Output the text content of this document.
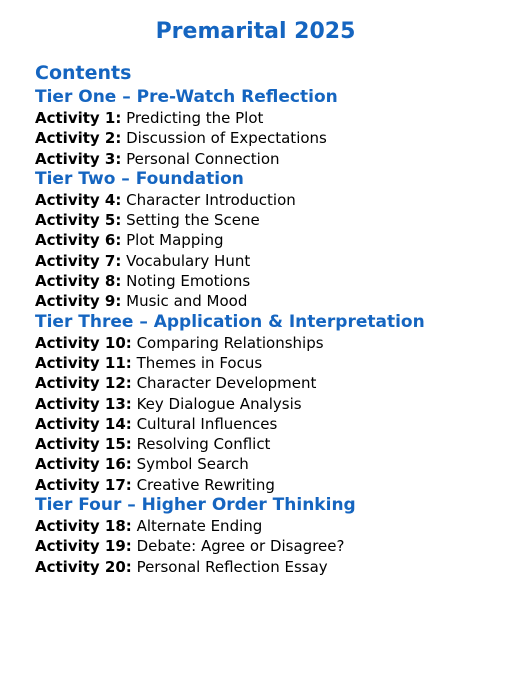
Premarital 2025
Contents
Tier One – Pre-Watch Reflection
Activity 1: Predicting the Plot
Activity 2: Discussion of Expectations
Activity 3: Personal Connection
Tier Two – Foundation
Activity 4: Character Introduction
Activity 5: Setting the Scene
Activity 6: Plot Mapping
Activity 7: Vocabulary Hunt
Activity 8: Noting Emotions
Activity 9: Music and Mood
Tier Three – Application & Interpretation
Activity 10: Comparing Relationships
Activity 11: Themes in Focus
Activity 12: Character Development
Activity 13: Key Dialogue Analysis
Activity 14: Cultural Influences
Activity 15: Resolving Conflict
Activity 16: Symbol Search
Activity 17: Creative Rewriting
Tier Four – Higher Order Thinking
Activity 18: Alternate Ending
Activity 19: Debate: Agree or Disagree?
Activity 20: Personal Reflection Essay
